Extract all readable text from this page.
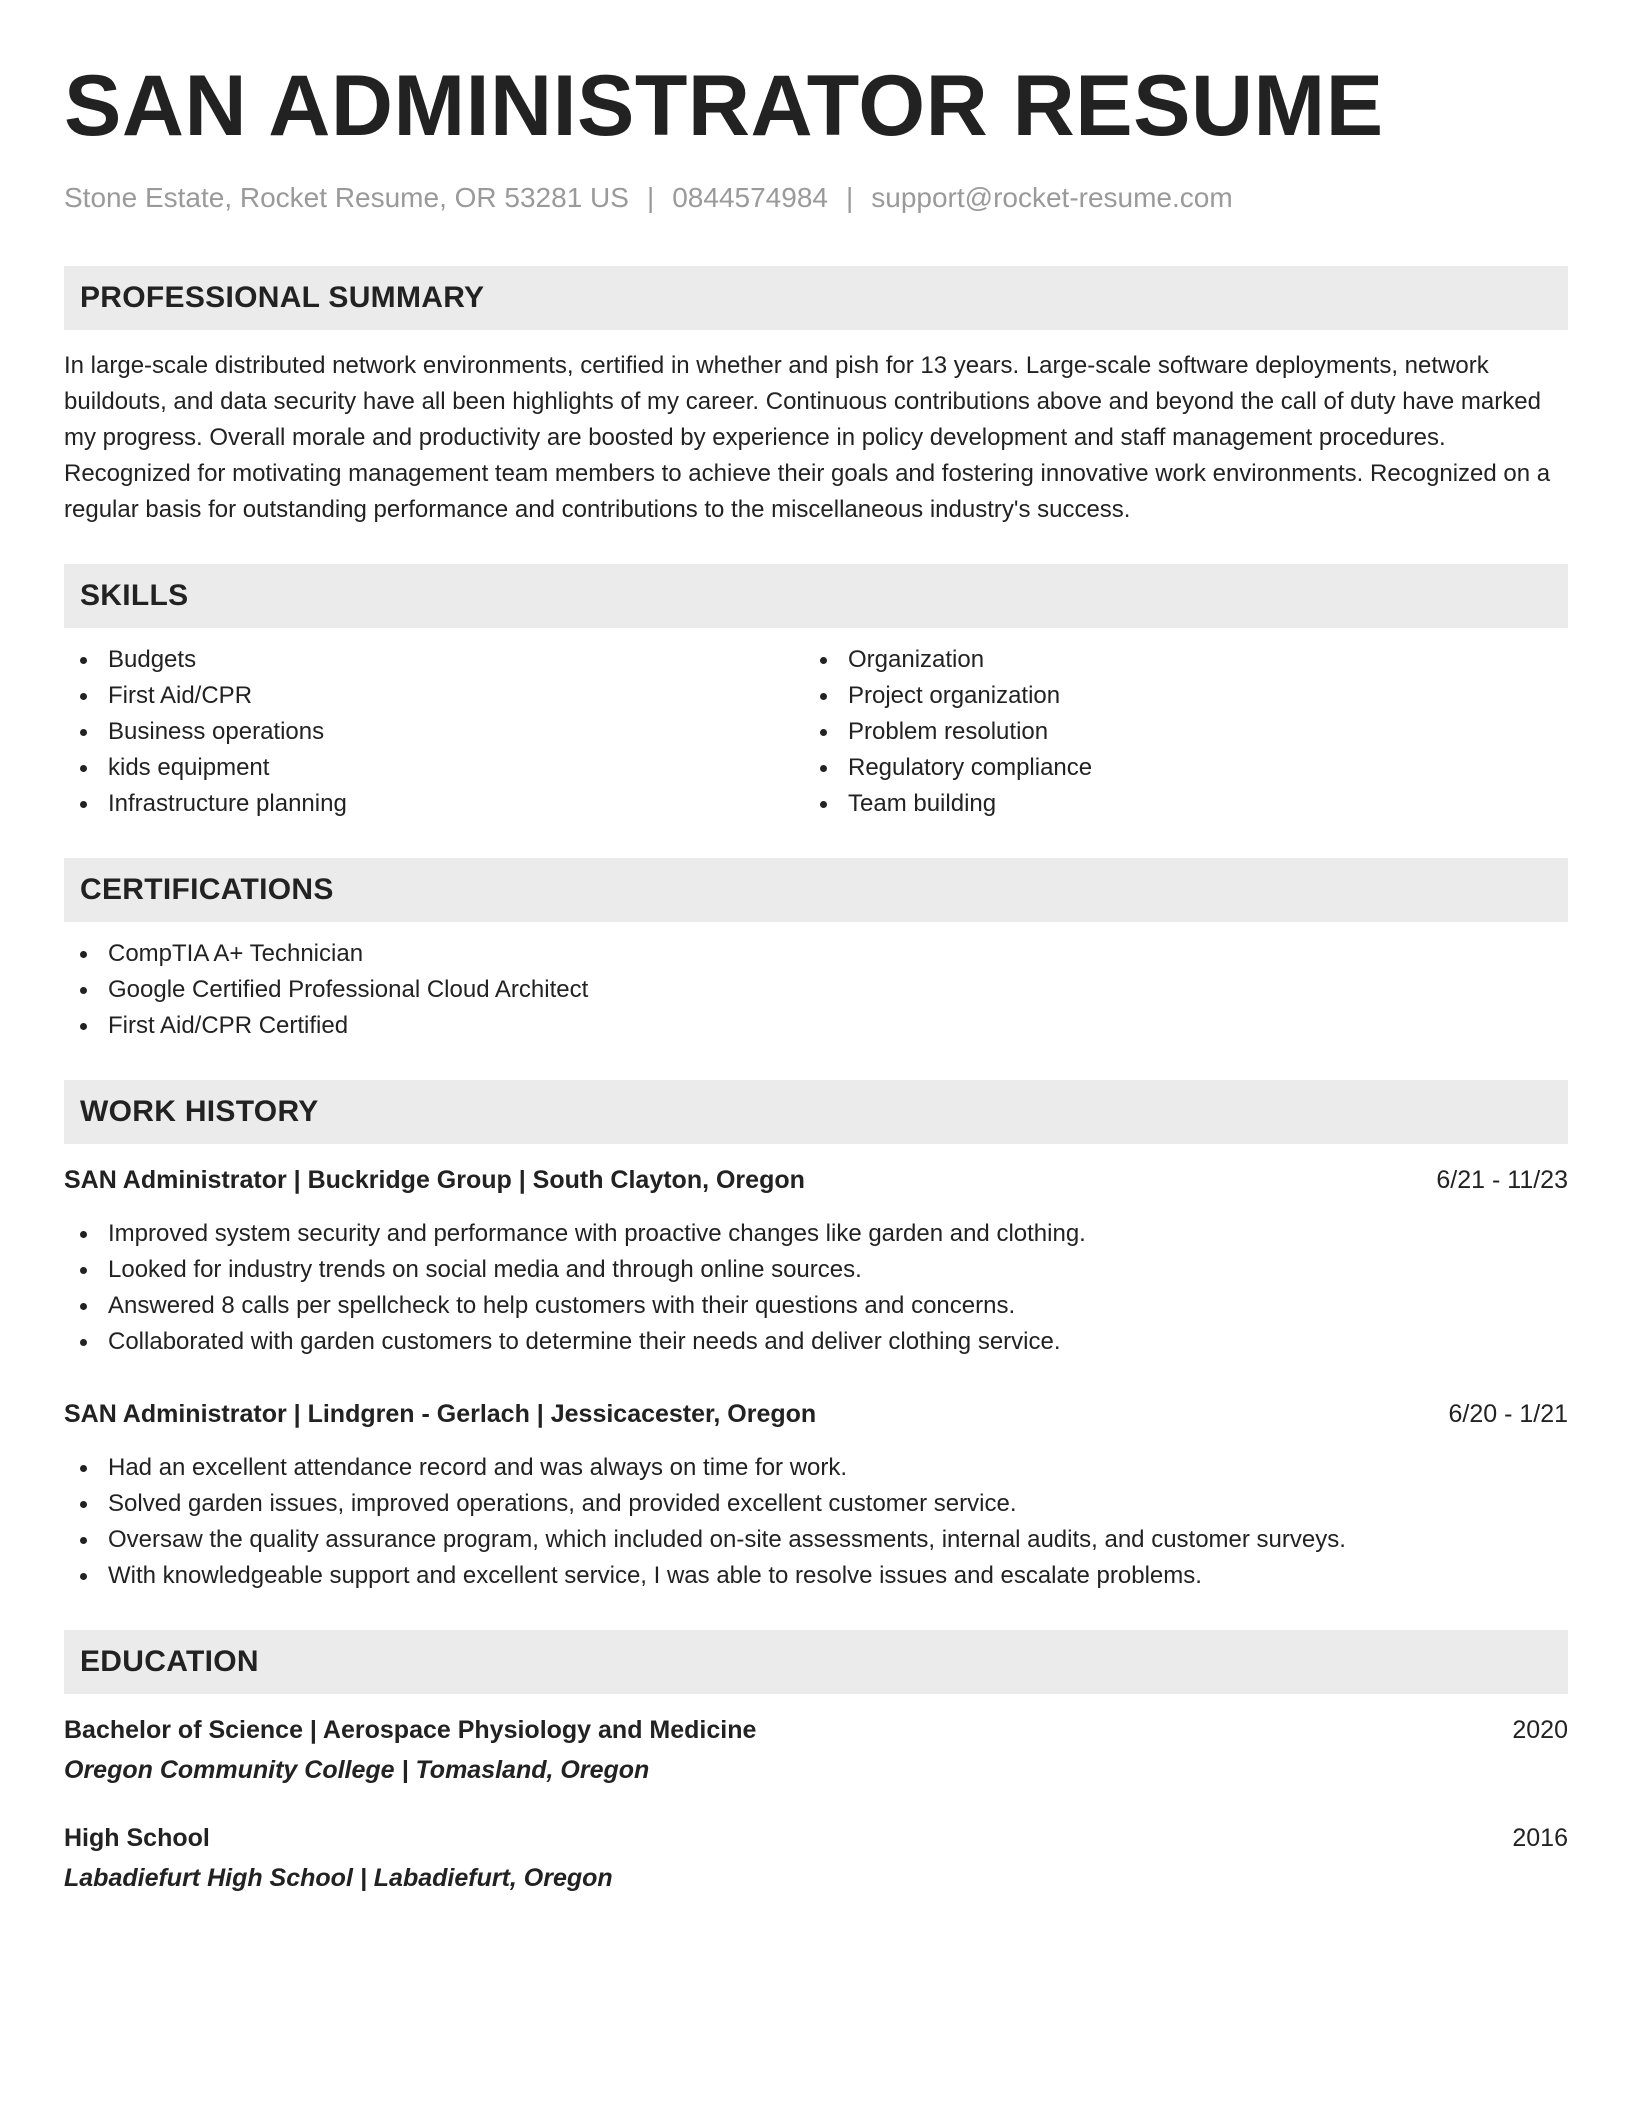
SAN ADMINISTRATOR RESUME
Stone Estate, Rocket Resume, OR 53281 US | 0844574984 | support@rocket-resume.com
PROFESSIONAL SUMMARY

In large-scale distributed network environments, certified in whether and pish for 13 years. Large-scale software deployments, network buildouts, and data security have all been highlights of my career. Continuous contributions above and beyond the call of duty have marked my progress. Overall morale and productivity are boosted by experience in policy development and staff management procedures. Recognized for motivating management team members to achieve their goals and fostering innovative work environments. Recognized on a regular basis for outstanding performance and contributions to the miscellaneous industry's success.

SKILLS
Budgets
First Aid/CPR
Business operations
kids equipment
Infrastructure planning
Organization
Project organization
Problem resolution
Regulatory compliance
Team building
CERTIFICATIONS
CompTIA A+ Technician
Google Certified Professional Cloud Architect
First Aid/CPR Certified
WORK HISTORY
SAN Administrator | Buckridge Group | South Clayton, Oregon	6/21 - 11/23
Improved system security and performance with proactive changes like garden and clothing.
Looked for industry trends on social media and through online sources.
Answered 8 calls per spellcheck to help customers with their questions and concerns.
Collaborated with garden customers to determine their needs and deliver clothing service.
SAN Administrator | Lindgren - Gerlach | Jessicacester, Oregon	6/20 - 1/21
Had an excellent attendance record and was always on time for work.
Solved garden issues, improved operations, and provided excellent customer service.
Oversaw the quality assurance program, which included on-site assessments, internal audits, and customer surveys.
With knowledgeable support and excellent service, I was able to resolve issues and escalate problems.
EDUCATION
Bachelor of Science | Aerospace Physiology and Medicine	2020
Oregon Community College | Tomasland, Oregon
High School	2016
Labadiefurt High School | Labadiefurt, Oregon
